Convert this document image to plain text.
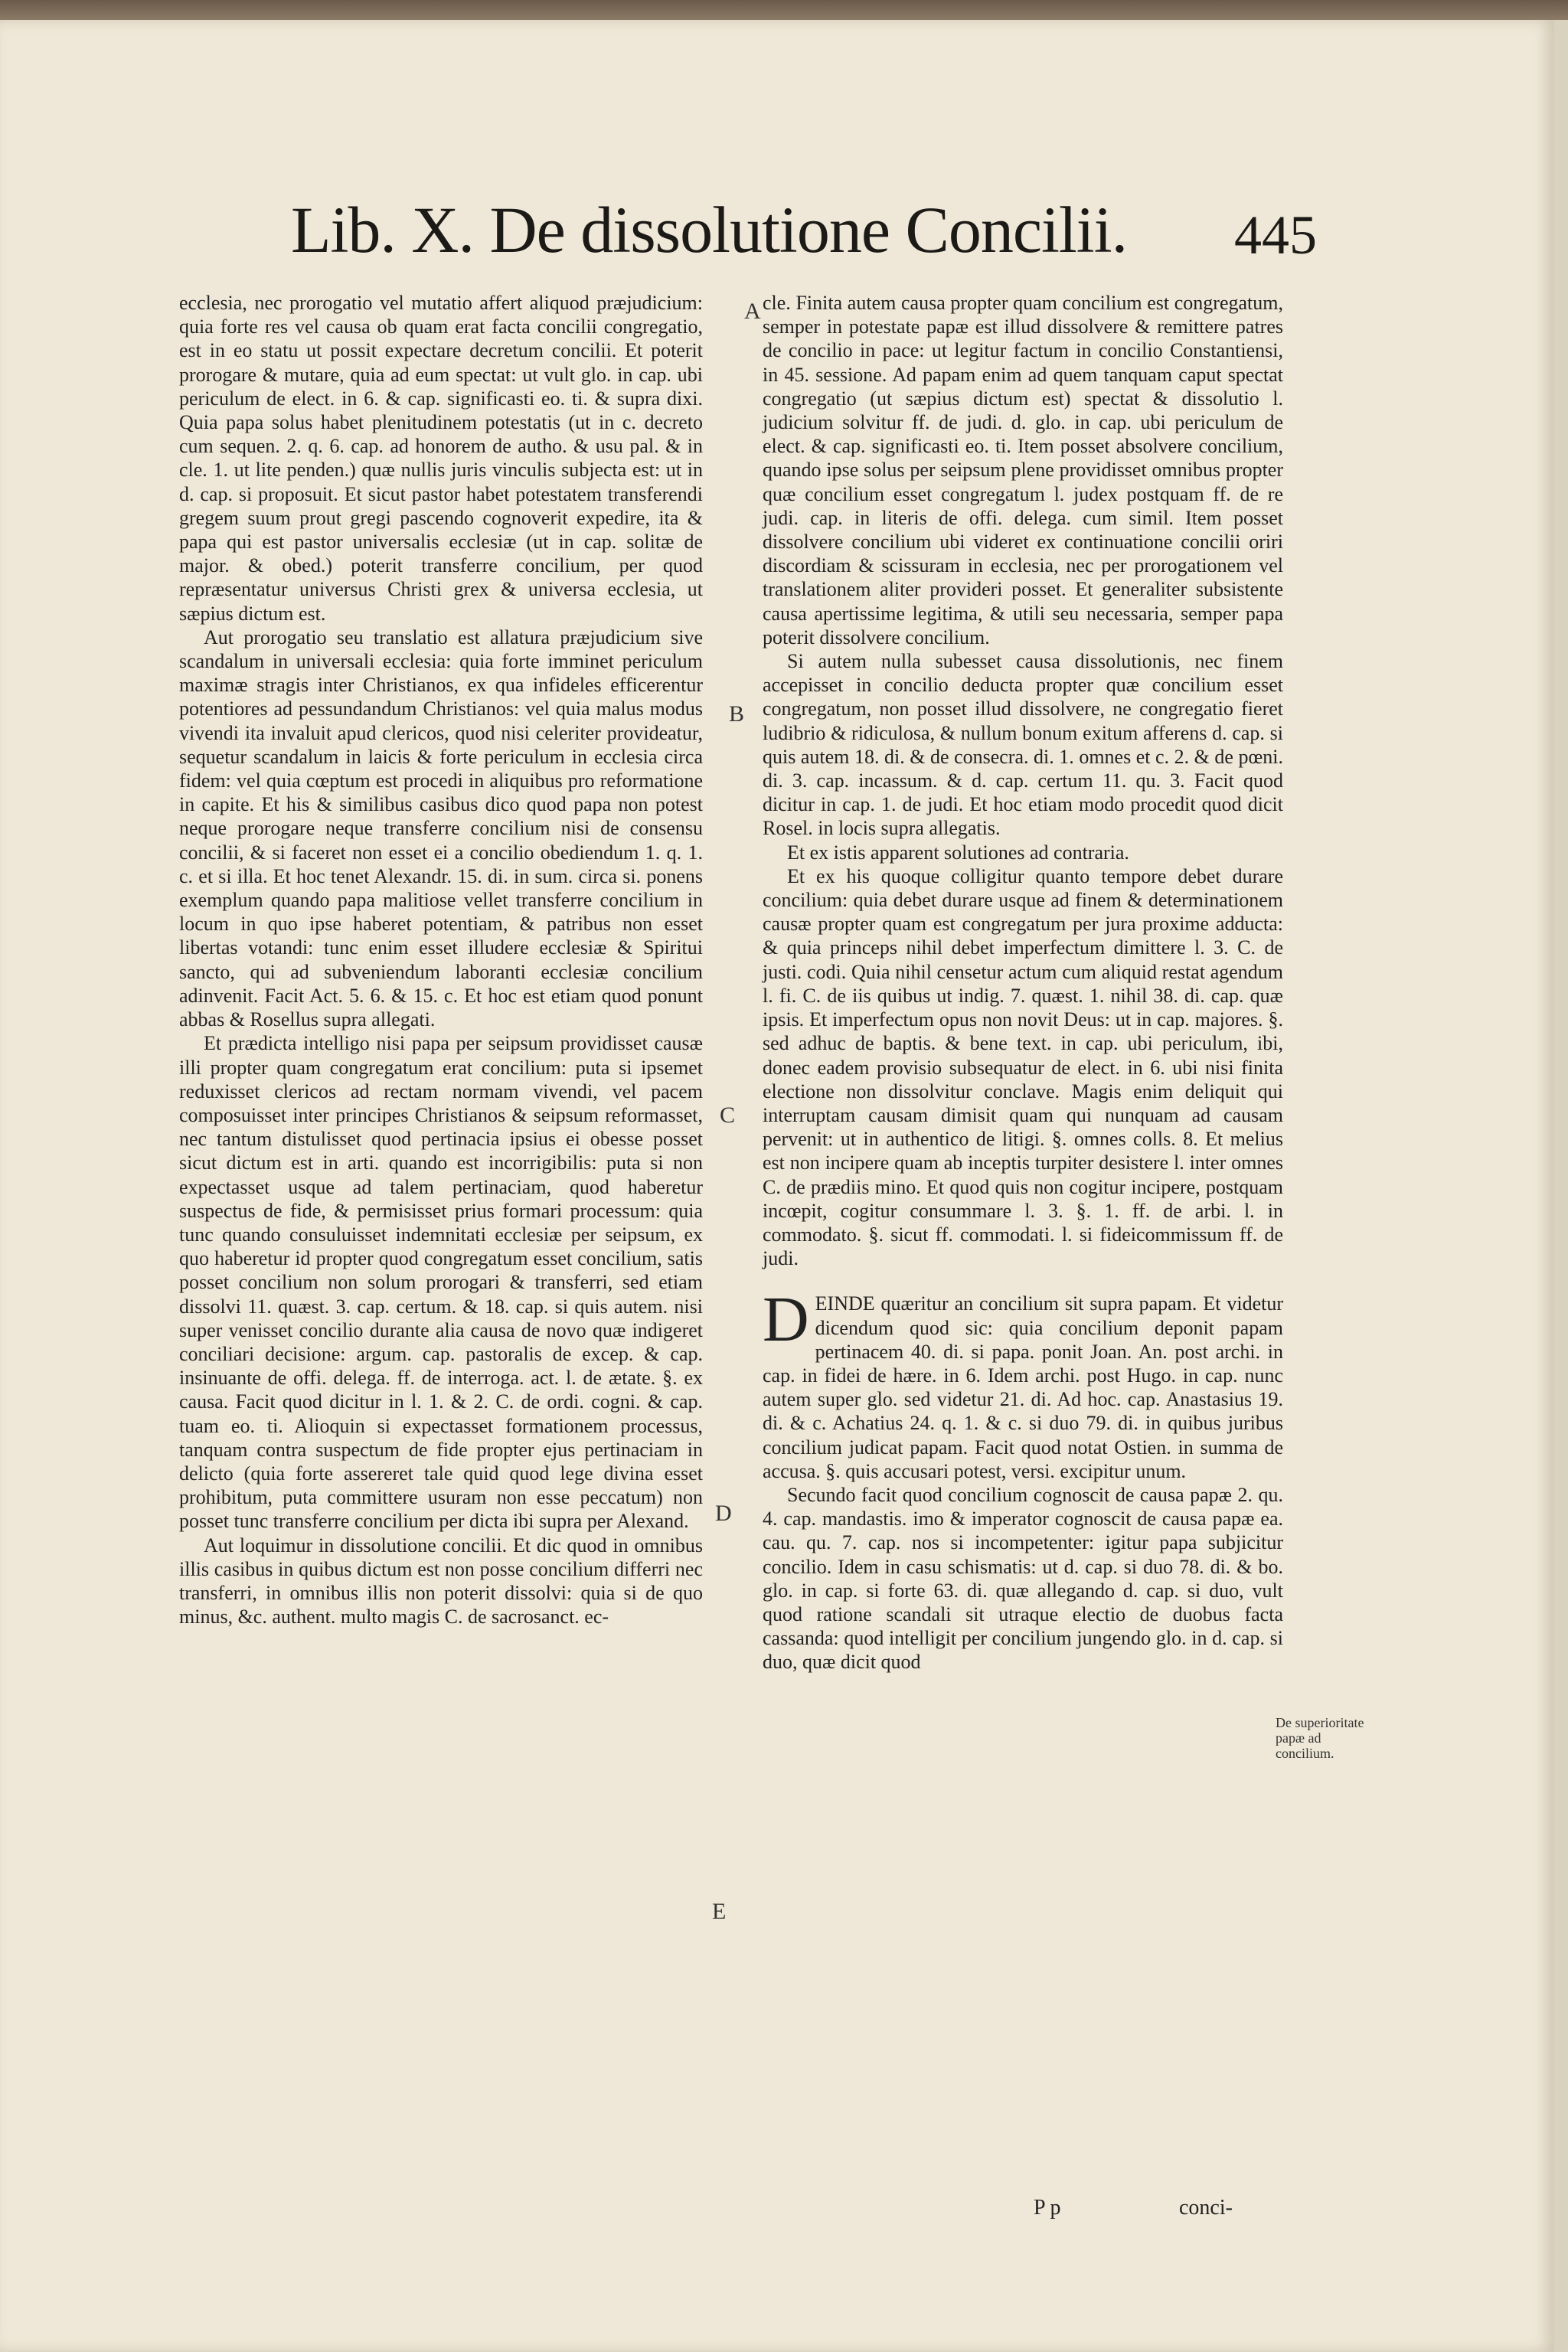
Lib. X. De dissolutione Concilii. 445

ecclesia, nec prorogatio vel mutatio affert aliquod præjudicium: quia forte res vel causa ob quam erat facta concilii congregatio, est in eo statu ut possit expectare decretum concilii. Et poterit prorogare & mutare, quia ad eum spectat: ut vult glo. in cap. ubi periculum de elect. in 6. & cap. significasti eo. ti. & supra dixi. Quia papa solus habet plenitudinem potestatis (ut in c. decreto cum sequen. 2. q. 6. cap. ad honorem de autho. & usu pal. & in cle. 1. ut lite penden.) quæ nullis juris vinculis subjecta est: ut in d. cap. si proposuit. Et sicut pastor habet potestatem transferendi gregem suum prout gregi pascendo cognoverit expedire, ita & papa qui est pastor universalis ecclesiæ (ut in cap. solitæ de major. & obed.) poterit transferre concilium, per quod repræsentatur universus Christi grex & universa ecclesia, ut sæpius dictum est.

Aut prorogatio seu translatio est allatura præjudicium sive scandalum in universali ecclesia: quia forte imminet periculum maximæ stragis inter Christianos, ex qua infideles efficerentur potentiores ad pessundandum Christianos: vel quia malus modus vivendi ita invaluit apud clericos, quod nisi celeriter provideatur, sequetur scandalum in laicis & forte periculum in ecclesia circa fidem: vel quia cœptum est procedi in aliquibus pro reformatione in capite. Et his & similibus casibus dico quod papa non potest neque prorogare neque transferre concilium nisi de consensu concilii, & si faceret non esset ei a concilio obediendum 1. q. 1. c. et si illa. Et hoc tenet Alexandr. 15. di. in sum. circa si. ponens exemplum quando papa malitiose vellet transferre concilium in locum in quo ipse haberet potentiam, & patribus non esset libertas votandi: tunc enim esset illudere ecclesiæ & Spiritui sancto, qui ad subveniendum laboranti ecclesiæ concilium adinvenit. Facit Act. 5. 6. & 15. c. Et hoc est etiam quod ponunt abbas & Rosellus supra allegati.

Et prædicta intelligo nisi papa per seipsum providisset causæ illi propter quam congregatum erat concilium: puta si ipsemet reduxisset clericos ad rectam normam vivendi, vel pacem composuisset inter principes Christianos & seipsum reformasset, nec tantum distulisset quod pertinacia ipsius ei obesse posset sicut dictum est in arti. quando est incorrigibilis: puta si non expectasset usque ad talem pertinaciam, quod haberetur suspectus de fide, & permisisset prius formari processum: quia tunc quando consuluisset indemnitati ecclesiæ per seipsum, ex quo haberetur id propter quod congregatum esset concilium, satis posset concilium non solum prorogari & transferri, sed etiam dissolvi 11. quæst. 3. cap. certum. & 18. cap. si quis autem. nisi super venisset concilio durante alia causa de novo quæ indigeret conciliari decisione: argum. cap. pastoralis de excep. & cap. insinuante de offi. delega. ff. de interroga. act. l. de ætate. §. ex causa. Facit quod dicitur in l. 1. & 2. C. de ordi. cogni. & cap. tuam eo. ti. Alioquin si expectasset formationem processus, tanquam contra suspectum de fide propter ejus pertinaciam in delicto (quia forte assereret tale quid quod lege divina esset prohibitum, puta committere usuram non esse peccatum) non posset tunc transferre concilium per dicta ibi supra per Alexand.

Aut loquimur in dissolutione concilii. Et dic quod in omnibus illis casibus in quibus dictum est non posse concilium differri nec transferri, in omnibus illis non poterit dissolvi: quia si de quo minus, &c. authent. multo magis C. de sacrosanct. ec-

cle. Finita autem causa propter quam concilium est congregatum, semper in potestate papæ est illud dissolvere & remittere patres de concilio in pace: ut legitur factum in concilio Constantiensi, in 45. sessione. Ad papam enim ad quem tanquam caput spectat congregatio (ut sæpius dictum est) spectat & dissolutio l. judicium solvitur ff. de judi. d. glo. in cap. ubi periculum de elect. & cap. significasti eo. ti. Item posset absolvere concilium, quando ipse solus per seipsum plene providisset omnibus propter quæ concilium esset congregatum l. judex postquam ff. de re judi. cap. in literis de offi. delega. cum simil. Item posset dissolvere concilium ubi videret ex continuatione concilii oriri discordiam & scissuram in ecclesia, nec per prorogationem vel translationem aliter provideri posset. Et generaliter subsistente causa apertissime legitima, & utili seu necessaria, semper papa poterit dissolvere concilium.

Si autem nulla subesset causa dissolutionis, nec finem accepisset in concilio deducta propter quæ concilium esset congregatum, non posset illud dissolvere, ne congregatio fieret ludibrio & ridiculosa, & nullum bonum exitum afferens d. cap. si quis autem 18. di. & de consecra. di. 1. omnes et c. 2. & de pœni. di. 3. cap. incassum. & d. cap. certum 11. qu. 3. Facit quod dicitur in cap. 1. de judi. Et hoc etiam modo procedit quod dicit Rosel. in locis supra allegatis.

Et ex istis apparent solutiones ad contraria.

Et ex his quoque colligitur quanto tempore debet durare concilium: quia debet durare usque ad finem & determinationem causæ propter quam est congregatum per jura proxime adducta: & quia princeps nihil debet imperfectum dimittere l. 3. C. de justi. codi. Quia nihil censetur actum cum aliquid restat agendum l. fi. C. de iis quibus ut indig. 7. quæst. 1. nihil 38. di. cap. quæ ipsis. Et imperfectum opus non novit Deus: ut in cap. majores. §. sed adhuc de baptis. & bene text. in cap. ubi periculum, ibi, donec eadem provisio subsequatur de elect. in 6. ubi nisi finita electione non dissolvitur conclave. Magis enim deliquit qui interruptam causam dimisit quam qui nunquam ad causam pervenit: ut in authentico de litigi. §. omnes colls. 8. Et melius est non incipere quam ab inceptis turpiter desistere l. inter omnes C. de prædiis mino. Et quod quis non cogitur incipere, postquam incœpit, cogitur consummare l. 3. §. 1. ff. de arbi. l. in commodato. §. sicut ff. commodati. l. si fideicommissum ff. de judi.

DEINDE quæritur an concilium sit supra papam. Et videtur dicendum quod sic: quia concilium deponit papam pertinacem 40. di. si papa. ponit Joan. An. post archi. in cap. in fidei de hære. in 6. Idem archi. post Hugo. in cap. nunc autem super glo. sed videtur 21. di. Ad hoc. cap. Anastasius 19. di. & c. Achatius 24. q. 1. & c. si duo 79. di. in quibus juribus concilium judicat papam. Facit quod notat Ostien. in summa de accusa. §. quis accusari potest, versi. excipitur unum.

Secundo facit quod concilium cognoscit de causa papæ 2. qu. 4. cap. mandastis. imo & imperator cognoscit de causa papæ ea. cau. qu. 7. cap. nos si incompetenter: igitur papa subjicitur concilio. Idem in casu schismatis: ut d. cap. si duo 78. di. & bo. glo. in cap. si forte 63. di. quæ allegando d. cap. si duo, vult quod ratione scandali sit utraque electio de duobus facta cassanda: quod intelligit per concilium jungendo glo. in d. cap. si duo, quæ dicit quod

A
B
C
D
E
De superioritate papæ ad concilium.
P p	conci-
